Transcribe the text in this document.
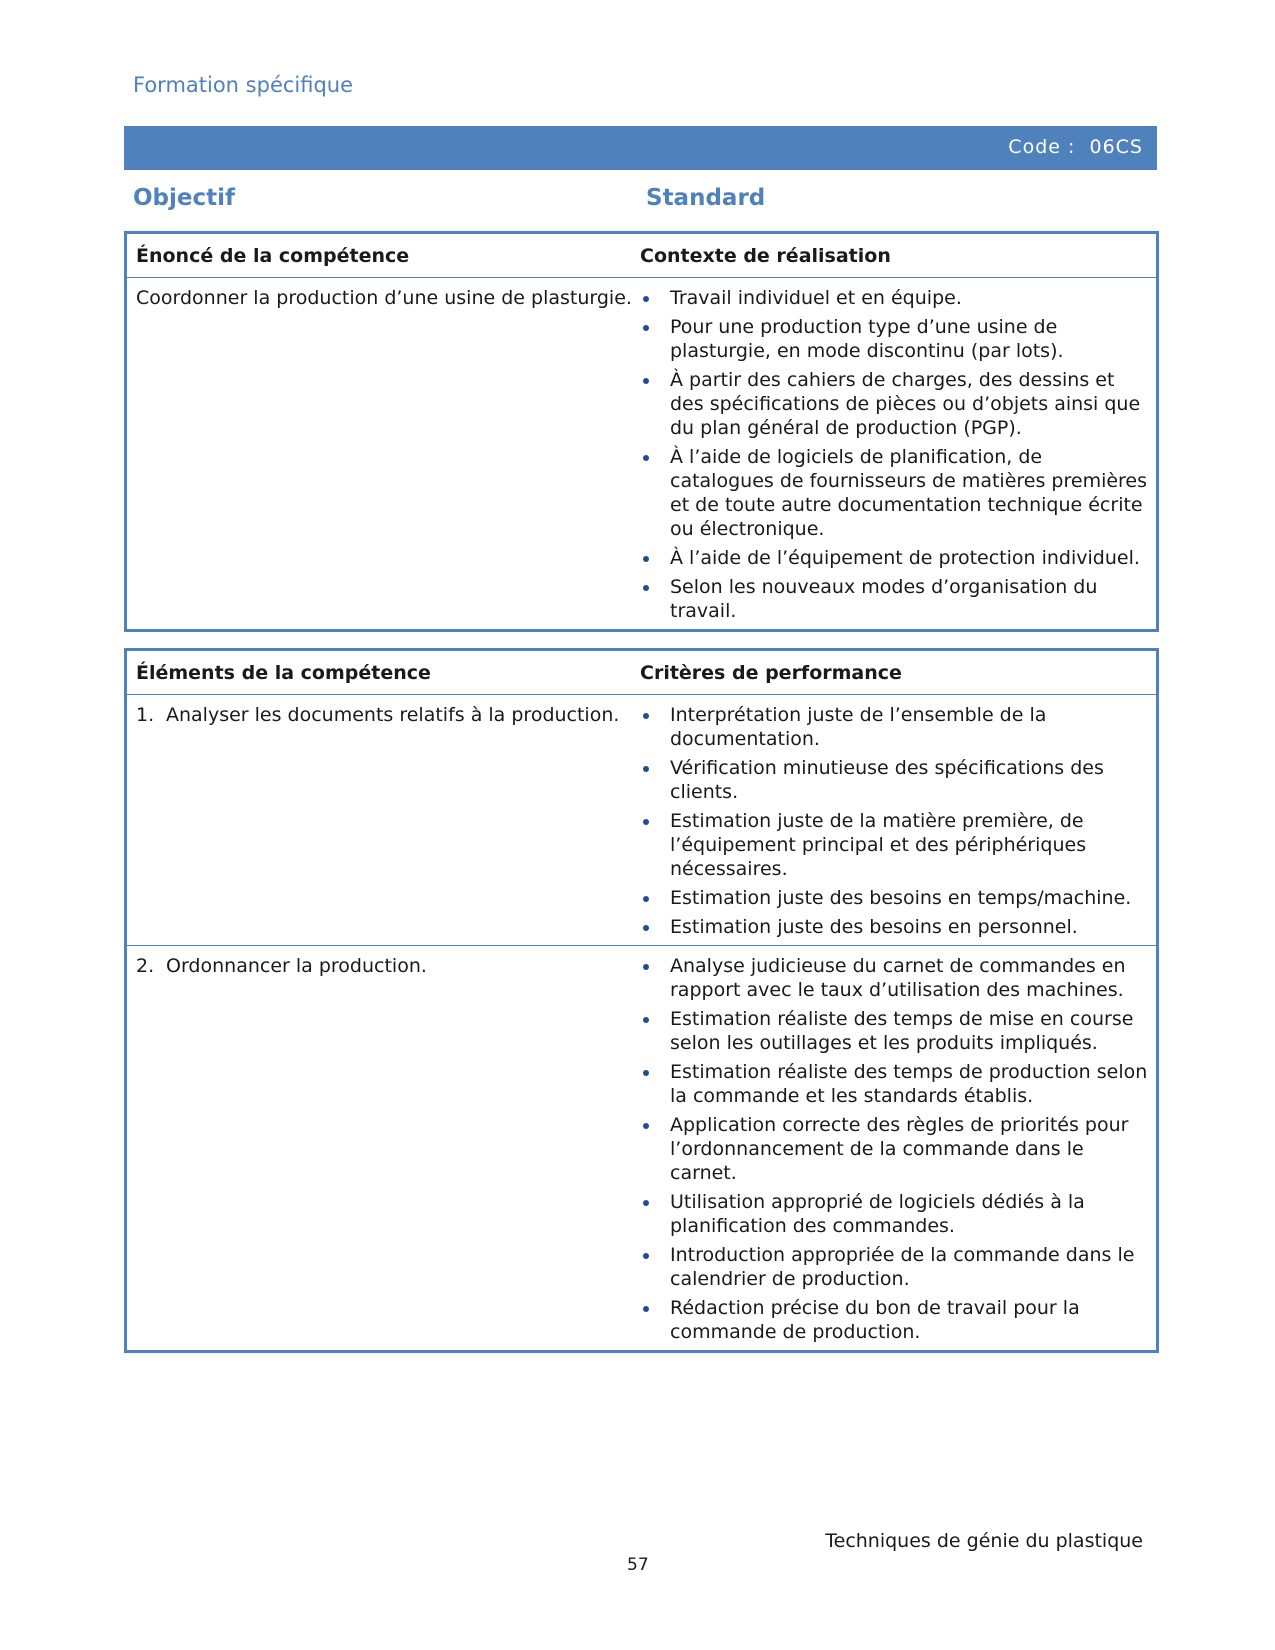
Formation spécifique
Code : 06CS
Objectif	Standard
Énoncé de la compétence	Contexte de réalisation
Coordonner la production d’une usine de plasturgie.	Travail individuel et en équipe.
Pour une production type d’une usine de plasturgie, en mode discontinu (par lots).
À partir des cahiers de charges, des dessins et des spécifications de pièces ou d’objets ainsi que du plan général de production (PGP).
À l’aide de logiciels de planification, de catalogues de fournisseurs de matières premières et de toute autre documentation technique écrite ou électronique.
À l’aide de l’équipement de protection individuel.
Selon les nouveaux modes d’organisation du travail.
Éléments de la compétence	Critères de performance
1. Analyser les documents relatifs à la production.	Interprétation juste de l’ensemble de la documentation.
Vérification minutieuse des spécifications des clients.
Estimation juste de la matière première, de l’équipement principal et des périphériques nécessaires.
Estimation juste des besoins en temps/machine.
Estimation juste des besoins en personnel.
2. Ordonnancer la production.	Analyse judicieuse du carnet de commandes en rapport avec le taux d’utilisation des machines.
Estimation réaliste des temps de mise en course selon les outillages et les produits impliqués.
Estimation réaliste des temps de production selon la commande et les standards établis.
Application correcte des règles de priorités pour l’ordonnancement de la commande dans le carnet.
Utilisation approprié de logiciels dédiés à la planification des commandes.
Introduction appropriée de la commande dans le calendrier de production.
Rédaction précise du bon de travail pour la commande de production.
Techniques de génie du plastique
57
